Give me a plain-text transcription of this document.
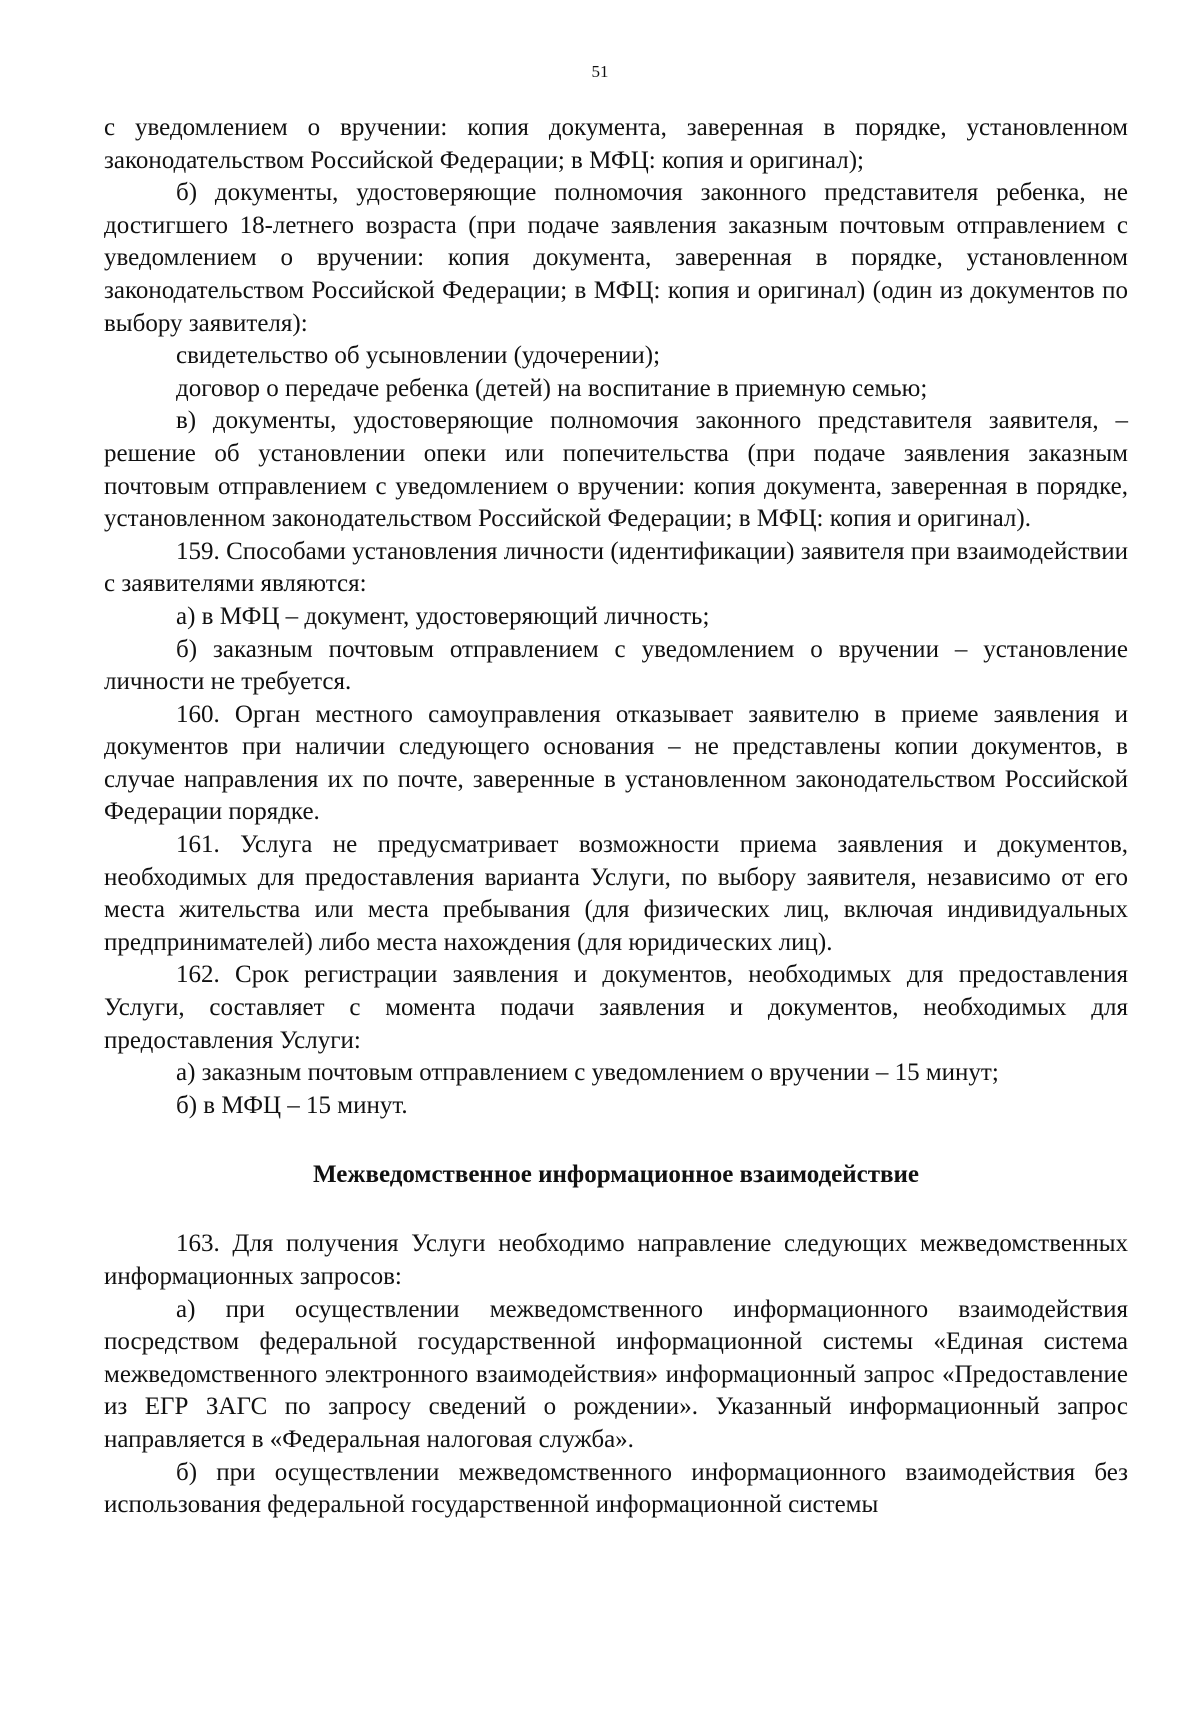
51

с уведомлением о вручении: копия документа, заверенная в порядке, установленном законодательством Российской Федерации; в МФЦ: копия и оригинал);

б) документы, удостоверяющие полномочия законного представителя ребенка, не достигшего 18-летнего возраста (при подаче заявления заказным почтовым отправлением с уведомлением о вручении: копия документа, заверенная в порядке, установленном законодательством Российской Федерации; в МФЦ: копия и оригинал) (один из документов по выбору заявителя):

свидетельство об усыновлении (удочерении);

договор о передаче ребенка (детей) на воспитание в приемную семью;

в) документы, удостоверяющие полномочия законного представителя заявителя, – решение об установлении опеки или попечительства (при подаче заявления заказным почтовым отправлением с уведомлением о вручении: копия документа, заверенная в порядке, установленном законодательством Российской Федерации; в МФЦ: копия и оригинал).

159. Способами установления личности (идентификации) заявителя при взаимодействии с заявителями являются:

а) в МФЦ – документ, удостоверяющий личность;

б) заказным почтовым отправлением с уведомлением о вручении – установление личности не требуется.

160. Орган местного самоуправления отказывает заявителю в приеме заявления и документов при наличии следующего основания – не представлены копии документов, в случае направления их по почте, заверенные в установленном законодательством Российской Федерации порядке.

161. Услуга не предусматривает возможности приема заявления и документов, необходимых для предоставления варианта Услуги, по выбору заявителя, независимо от его места жительства или места пребывания (для физических лиц, включая индивидуальных предпринимателей) либо места нахождения (для юридических лиц).

162. Срок регистрации заявления и документов, необходимых для предоставления Услуги, составляет с момента подачи заявления и документов, необходимых для предоставления Услуги:

а) заказным почтовым отправлением с уведомлением о вручении – 15 минут;

б) в МФЦ – 15 минут.

Межведомственное информационное взаимодействие

163. Для получения Услуги необходимо направление следующих межведомственных информационных запросов:

а) при осуществлении межведомственного информационного взаимодействия посредством федеральной государственной информационной системы «Единая система межведомственного электронного взаимодействия» информационный запрос «Предоставление из ЕГР ЗАГС по запросу сведений о рождении». Указанный информационный запрос направляется в «Федеральная налоговая служба».

б) при осуществлении межведомственного информационного взаимодействия без использования федеральной государственной информационной системы
